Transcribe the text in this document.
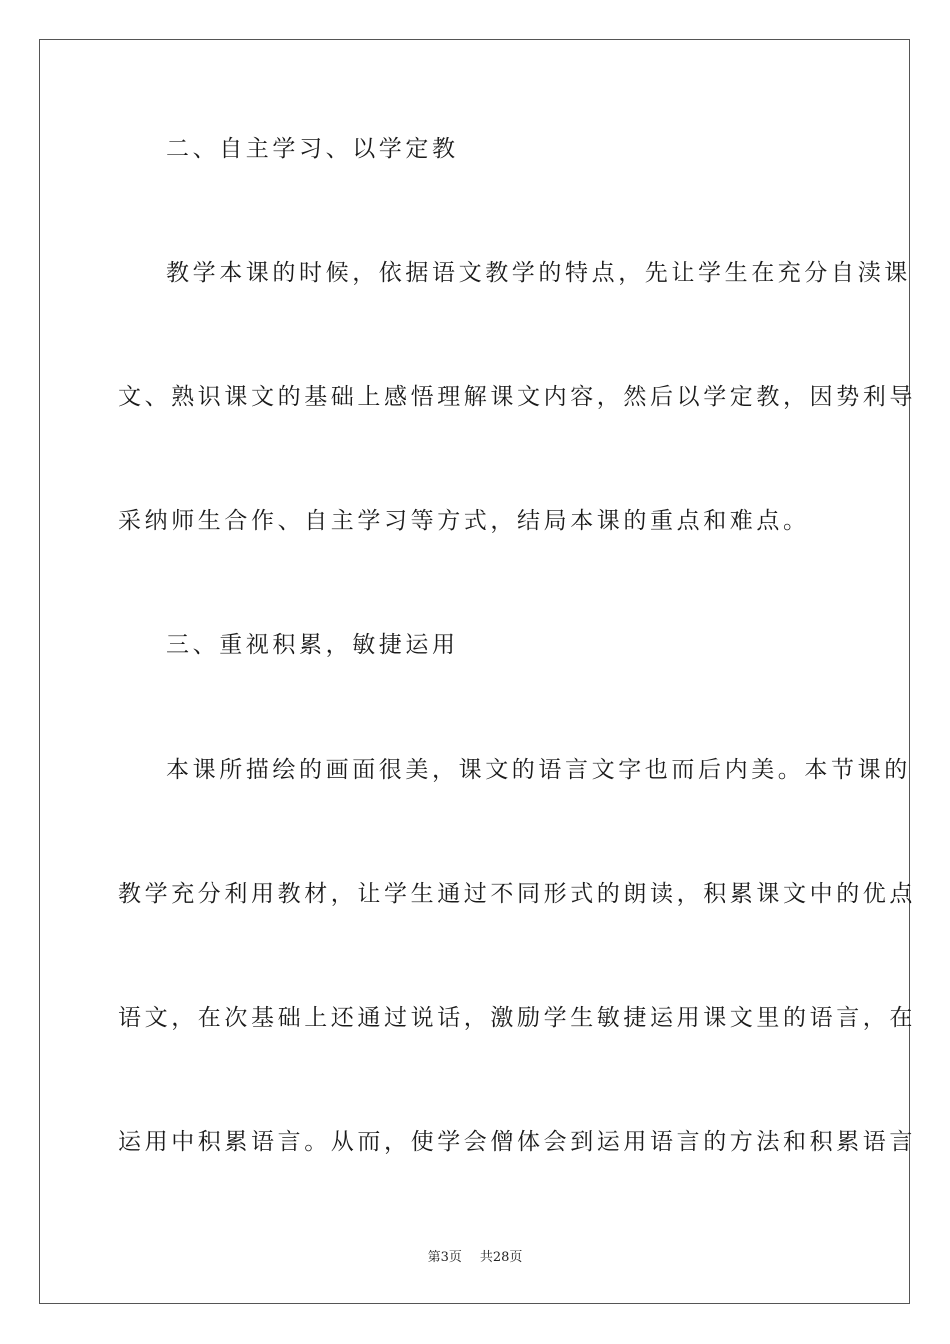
二、自主学习、以学定教
教学本课的时候，依据语文教学的特点，先让学生在充分自渎课
文、熟识课文的基础上感悟理解课文内容，然后以学定教，因势利导
采纳师生合作、自主学习等方式，结局本课的重点和难点。
三、重视积累，敏捷运用
本课所描绘的画面很美，课文的语言文字也而后内美。本节课的
教学充分利用教材，让学生通过不同形式的朗读，积累课文中的优点
语文，在次基础上还通过说话，激励学生敏捷运用课文里的语言，在
运用中积累语言。从而，使学会僧体会到运用语言的方法和积累语言
第3页 共28页
